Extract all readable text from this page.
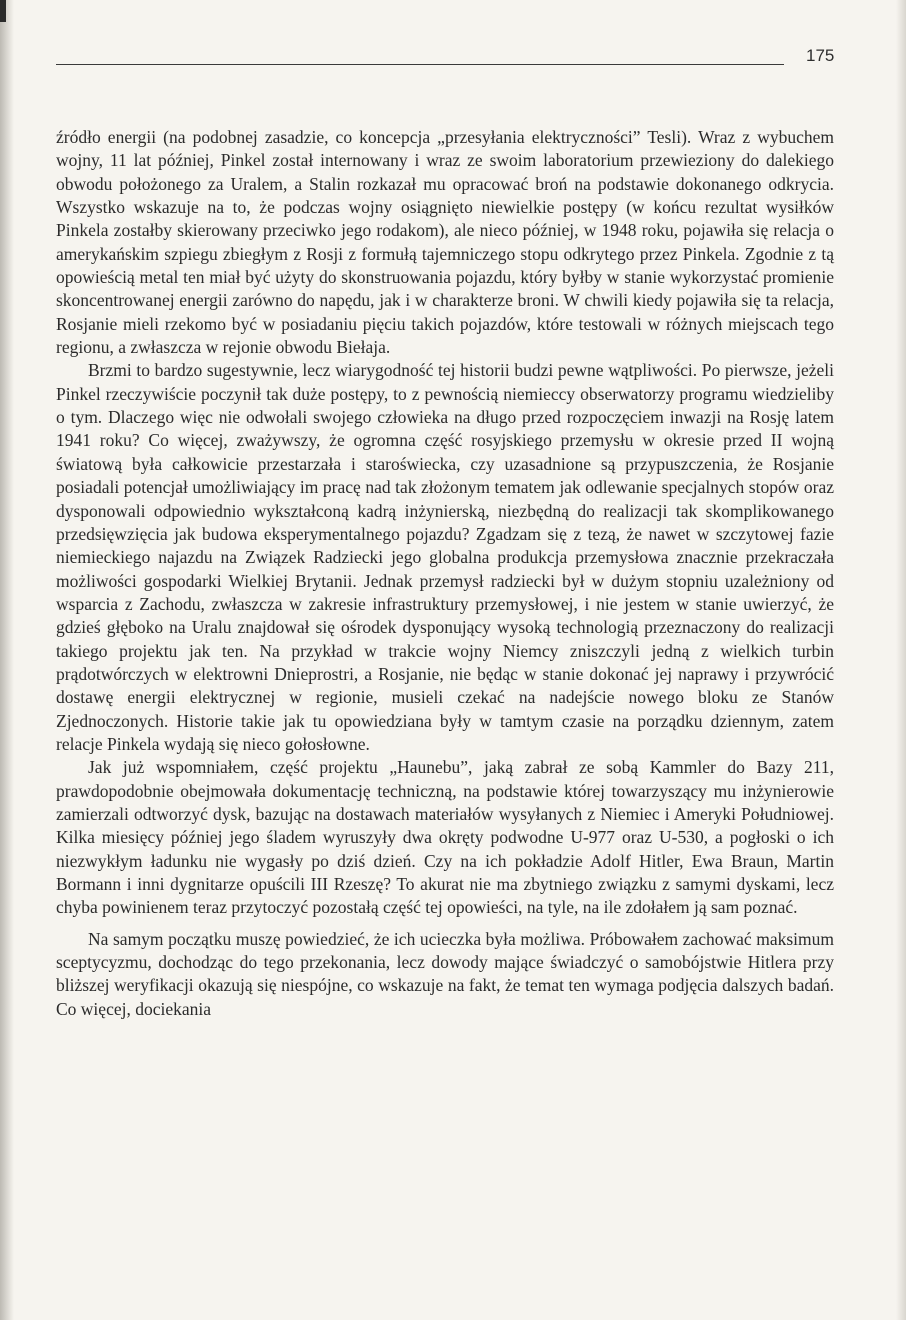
175

źródło energii (na podobnej zasadzie, co koncepcja „przesyłania elektryczności” Tesli). Wraz z wybuchem wojny, 11 lat później, Pinkel został internowany i wraz ze swoim laboratorium przewieziony do dalekiego obwodu położonego za Uralem, a Stalin rozkazał mu opracować broń na podstawie dokonanego odkrycia. Wszystko wskazuje na to, że podczas wojny osiągnięto niewielkie postępy (w końcu rezultat wysiłków Pinkela zostałby skierowany przeciwko jego rodakom), ale nieco później, w 1948 roku, pojawiła się relacja o amerykańskim szpiegu zbiegłym z Rosji z formułą tajemniczego stopu odkrytego przez Pinkela. Zgodnie z tą opowieścią metal ten miał być użyty do skonstruowania pojazdu, który byłby w stanie wykorzystać promienie skoncentrowanej energii zarówno do napędu, jak i w charakterze broni. W chwili kiedy pojawiła się ta relacja, Rosjanie mieli rzekomo być w posiadaniu pięciu takich pojazdów, które testowali w różnych miejscach tego regionu, a zwłaszcza w rejonie obwodu Biełaja.

Brzmi to bardzo sugestywnie, lecz wiarygodność tej historii budzi pewne wątpliwości. Po pierwsze, jeżeli Pinkel rzeczywiście poczynił tak duże postępy, to z pewnością niemieccy obserwatorzy programu wiedzieliby o tym. Dlaczego więc nie odwołali swojego człowieka na długo przed rozpoczęciem inwazji na Rosję latem 1941 roku? Co więcej, zważywszy, że ogromna część rosyjskiego przemysłu w okresie przed II wojną światową była całkowicie przestarzała i staroświecka, czy uzasadnione są przypuszczenia, że Rosjanie posiadali potencjał umożliwiający im pracę nad tak złożonym tematem jak odlewanie specjalnych stopów oraz dysponowali odpowiednio wykształconą kadrą inżynierską, niezbędną do realizacji tak skomplikowanego przedsięwzięcia jak budowa eksperymentalnego pojazdu? Zgadzam się z tezą, że nawet w szczytowej fazie niemieckiego najazdu na Związek Radziecki jego globalna produkcja przemysłowa znacznie przekraczała możliwości gospodarki Wielkiej Brytanii. Jednak przemysł radziecki był w dużym stopniu uzależniony od wsparcia z Zachodu, zwłaszcza w zakresie infrastruktury przemysłowej, i nie jestem w stanie uwierzyć, że gdzieś głęboko na Uralu znajdował się ośrodek dysponujący wysoką technologią przeznaczony do realizacji takiego projektu jak ten. Na przykład w trakcie wojny Niemcy zniszczyli jedną z wielkich turbin prądotwórczych w elektrowni Dnieprostri, a Rosjanie, nie będąc w stanie dokonać jej naprawy i przywrócić dostawę energii elektrycznej w regionie, musieli czekać na nadejście nowego bloku ze Stanów Zjednoczonych. Historie takie jak tu opowiedziana były w tamtym czasie na porządku dziennym, zatem relacje Pinkela wydają się nieco gołosłowne.

Jak już wspomniałem, część projektu „Haunebu”, jaką zabrał ze sobą Kammler do Bazy 211, prawdopodobnie obejmowała dokumentację techniczną, na podstawie której towarzyszący mu inżynierowie zamierzali odtworzyć dysk, bazując na dostawach materiałów wysyłanych z Niemiec i Ameryki Południowej. Kilka miesięcy później jego śladem wyruszyły dwa okręty podwodne U-977 oraz U-530, a pogłoski o ich niezwykłym ładunku nie wygasły po dziś dzień. Czy na ich pokładzie Adolf Hitler, Ewa Braun, Martin Bormann i inni dygnitarze opuścili III Rzeszę? To akurat nie ma zbytniego związku z samymi dyskami, lecz chyba powinienem teraz przytoczyć pozostałą część tej opowieści, na tyle, na ile zdołałem ją sam poznać.

Na samym początku muszę powiedzieć, że ich ucieczka była możliwa. Próbowałem zachować maksimum sceptycyzmu, dochodząc do tego przekonania, lecz dowody mające świadczyć o samobójstwie Hitlera przy bliższej weryfikacji okazują się niespójne, co wskazuje na fakt, że temat ten wymaga podjęcia dalszych badań. Co więcej, dociekania
